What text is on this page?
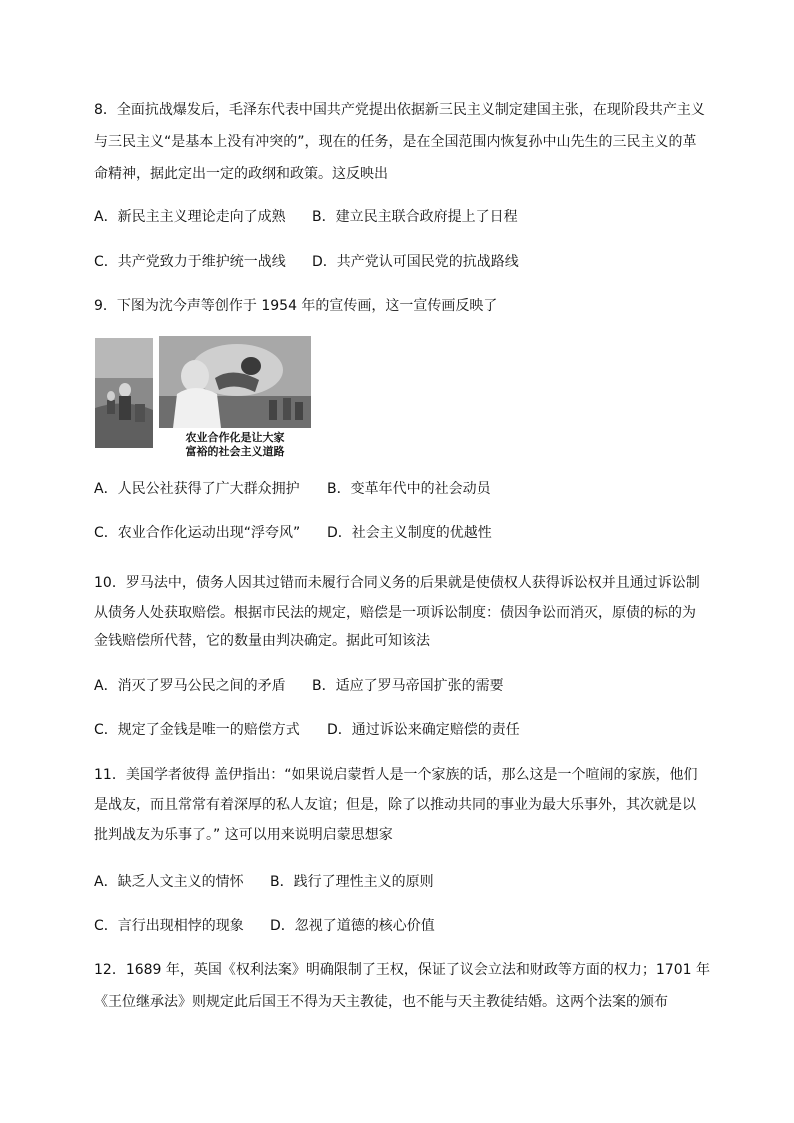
8．全面抗战爆发后，毛泽东代表中国共产党提出依据新三民主义制定建国主张，在现阶段共产主义
与三民主义“是基本上没有冲突的”，现在的任务，是在全国范围内恢复孙中山先生的三民主义的革
命精神，据此定出一定的政纲和政策。这反映出
A．新民主主义理论走向了成熟 B．建立民主联合政府提上了日程
C．共产党致力于维护统一战线 D．共产党认可国民党的抗战路线
9．下图为沈今声等创作于 1954 年的宣传画，这一宣传画反映了
农业合作化是让大家
富裕的社会主义道路
A．人民公社获得了广大群众拥护 B．变革年代中的社会动员
C．农业合作化运动出现“浮夸风” D．社会主义制度的优越性
10．罗马法中，债务人因其过错而未履行合同义务的后果就是使债权人获得诉讼权并且通过诉讼制
从债务人处获取赔偿。根据市民法的规定，赔偿是一项诉讼制度：债因争讼而消灭，原债的标的为
金钱赔偿所代替，它的数量由判决确定。据此可知该法
A．消灭了罗马公民之间的矛盾 B．适应了罗马帝国扩张的需要
C．规定了金钱是唯一的赔偿方式 D．通过诉讼来确定赔偿的责任
11．美国学者彼得 盖伊指出：“如果说启蒙哲人是一个家族的话，那么这是一个喧闹的家族，他们
是战友，而且常常有着深厚的私人友谊；但是，除了以推动共同的事业为最大乐事外，其次就是以
批判战友为乐事了。” 这可以用来说明启蒙思想家
A．缺乏人文主义的情怀 B．践行了理性主义的原则
C．言行出现相悖的现象 D．忽视了道德的核心价值
12．1689 年，英国《权利法案》明确限制了王权，保证了议会立法和财政等方面的权力；1701 年
《王位继承法》则规定此后国王不得为天主教徒，也不能与天主教徒结婚。这两个法案的颁布
